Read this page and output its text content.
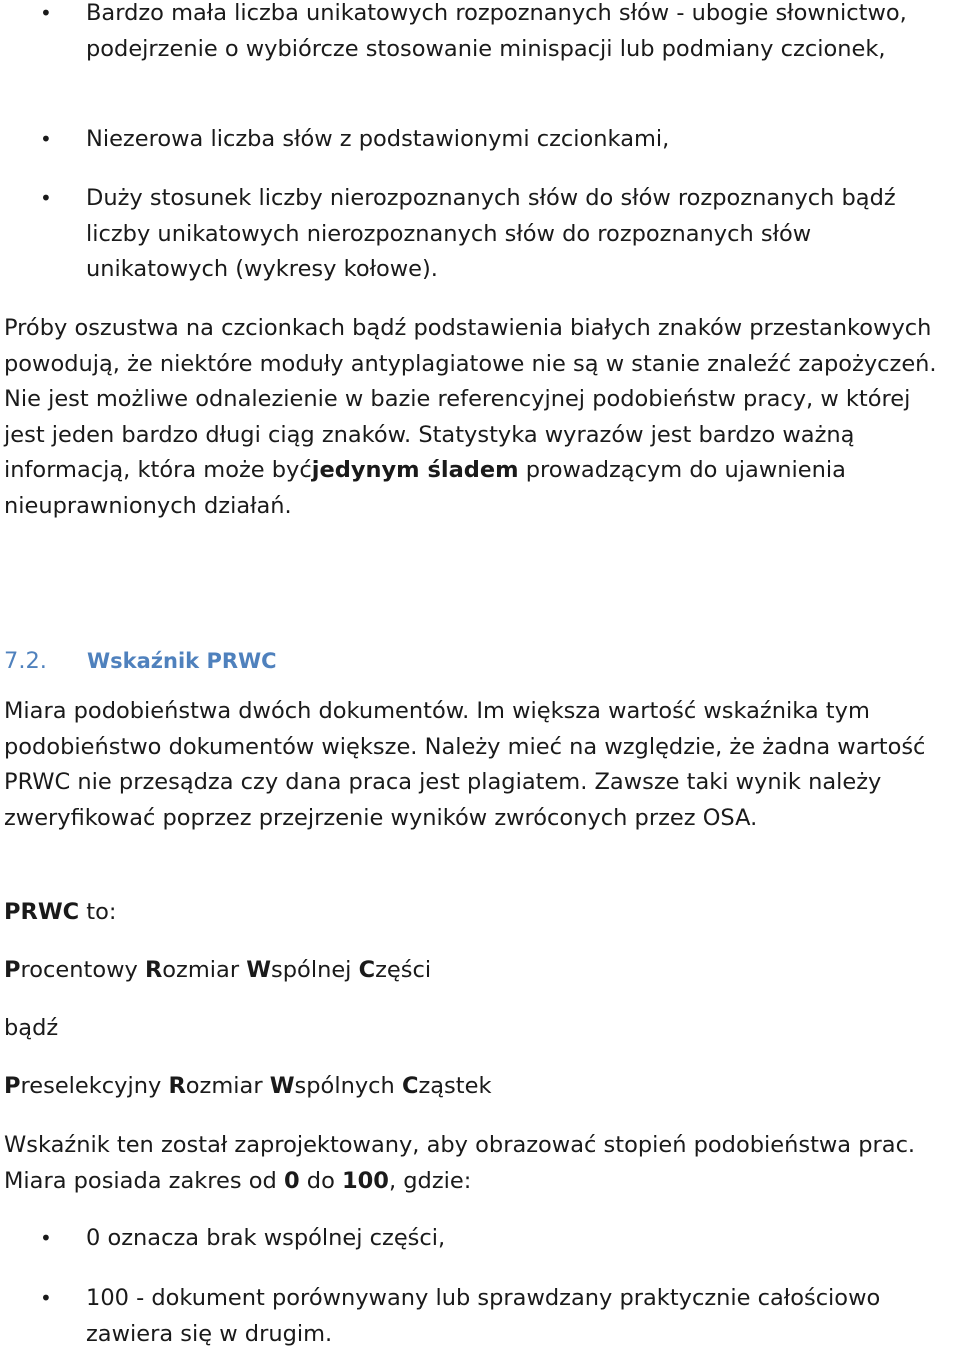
• Bardzo mała liczba unikatowych rozpoznanych słów - ubogie słownictwo, podejrzenie o wybiórcze stosowanie minispacji lub podmiany czcionek,

• Niezerowa liczba słów z podstawionymi czcionkami,

• Duży stosunek liczby nierozpoznanych słów do słów rozpoznanych bądź liczby unikatowych nierozpoznanych słów do rozpoznanych słów unikatowych (wykresy kołowe).

Próby oszustwa na czcionkach bądź podstawienia białych znaków przestankowych powodują, że niektóre moduły antyplagiatowe nie są w stanie znaleźć zapożyczeń. Nie jest możliwe odnalezienie w bazie referencyjnej podobieństw pracy, w której jest jeden bardzo długi ciąg znaków. Statystyka wyrazów jest bardzo ważną informacją, która może byćjedynym śladem prowadzącym do ujawnienia nieuprawnionych działań.

7.2. Wskaźnik PRWC

Miara podobieństwa dwóch dokumentów. Im większa wartość wskaźnika tym podobieństwo dokumentów większe. Należy mieć na względzie, że żadna wartość PRWC nie przesądza czy dana praca jest plagiatem. Zawsze taki wynik należy zweryfikować poprzez przejrzenie wyników zwróconych przez OSA.

PRWC to:

Procentowy Rozmiar Wspólnej Części

bądź

Preselekcyjny Rozmiar Wspólnych Cząstek

Wskaźnik ten został zaprojektowany, aby obrazować stopień podobieństwa prac. Miara posiada zakres od 0 do 100, gdzie:

• 0 oznacza brak wspólnej części,

• 100 - dokument porównywany lub sprawdzany praktycznie całościowo zawiera się w drugim.
